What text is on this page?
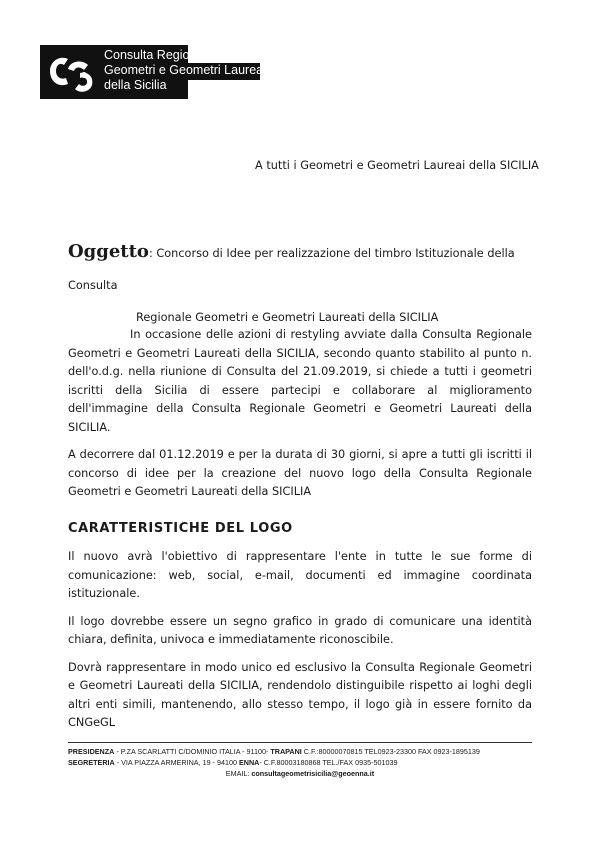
Consulta Regionale
Geometri e Geometri Laureati
della Sicilia
A tutti i Geometri e Geometri Laureai della SICILIA
Oggetto: Concorso di Idee per realizzazione del timbro Istituzionale della Consulta
Regionale Geometri e Geometri Laureati della SICILIA

In occasione delle azioni di restyling avviate dalla Consulta Regionale Geometri e Geometri Laureati della SICILIA, secondo quanto stabilito al punto n. dell'o.d.g. nella riunione di Consulta del 21.09.2019, si chiede a tutti i geometri iscritti della Sicilia di essere partecipi e collaborare al miglioramento dell'immagine della Consulta Regionale Geometri e Geometri Laureati della SICILIA.

A decorrere dal 01.12.2019 e per la durata di 30 giorni, si apre a tutti gli iscritti il concorso di idee per la creazione del nuovo logo della Consulta Regionale Geometri e Geometri Laureati della SICILIA

CARATTERISTICHE DEL LOGO

Il nuovo avrà l'obiettivo di rappresentare l'ente in tutte le sue forme di comunicazione: web, social, e-mail, documenti ed immagine coordinata istituzionale.

Il logo dovrebbe essere un segno grafico in grado di comunicare una identità chiara, definita, univoca e immediatamente riconoscibile.

Dovrà rappresentare in modo unico ed esclusivo la Consulta Regionale Geometri e Geometri Laureati della SICILIA, rendendolo distinguibile rispetto ai loghi degli altri enti simili, mantenendo, allo stesso tempo, il logo già in essere fornito da CNGeGL

PRESIDENZA - P.ZA SCARLATTI C/DOMINIO ITALIA - 91100- TRAPANI C.F.:80000070815 TEL0923-23300 FAX 0923-1895139
SEGRETERIA - VIA PIAZZA ARMERINA, 19 - 94100 ENNA- C.F.80003180868 TEL./FAX 0935-501039
EMAIL: consultageometrisicilia@geoenna.it
